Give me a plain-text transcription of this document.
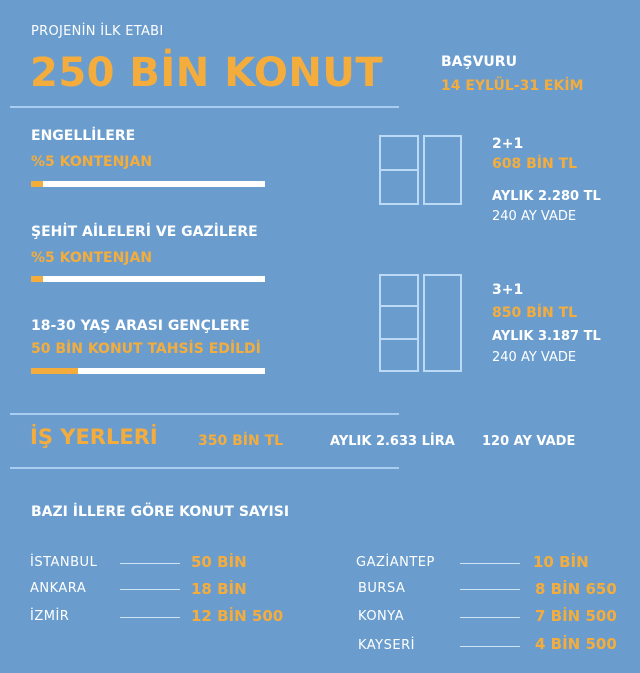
PROJENİN İLK ETABI
250 BİN KONUT	BAŞVURU
14 EYLÜL-31 EKİM
ENGELLİLERE
%5 KONTENJAN
ŞEHİT AİLELERİ VE GAZİLERE
%5 KONTENJAN
18-30 YAŞ ARASI GENÇLERE
50 BİN KONUT TAHSİS EDİLDİ
2+1
608 BİN TL
AYLIK 2.280 TL
240 AY VADE
3+1
850 BİN TL
AYLIK 3.187 TL
240 AY VADE
İŞ YERLERİ	350 BİN TL	AYLIK 2.633 LİRA 120 AY VADE
BAZI İLLERE GÖRE KONUT SAYISI
İSTANBUL	50 BİN
ANKARA	18 BİN
İZMİR	12 BİN 500
GAZİANTEP	10 BİN
BURSA	8 BİN 650
KONYA	7 BİN 500
KAYSERİ	4 BİN 500
